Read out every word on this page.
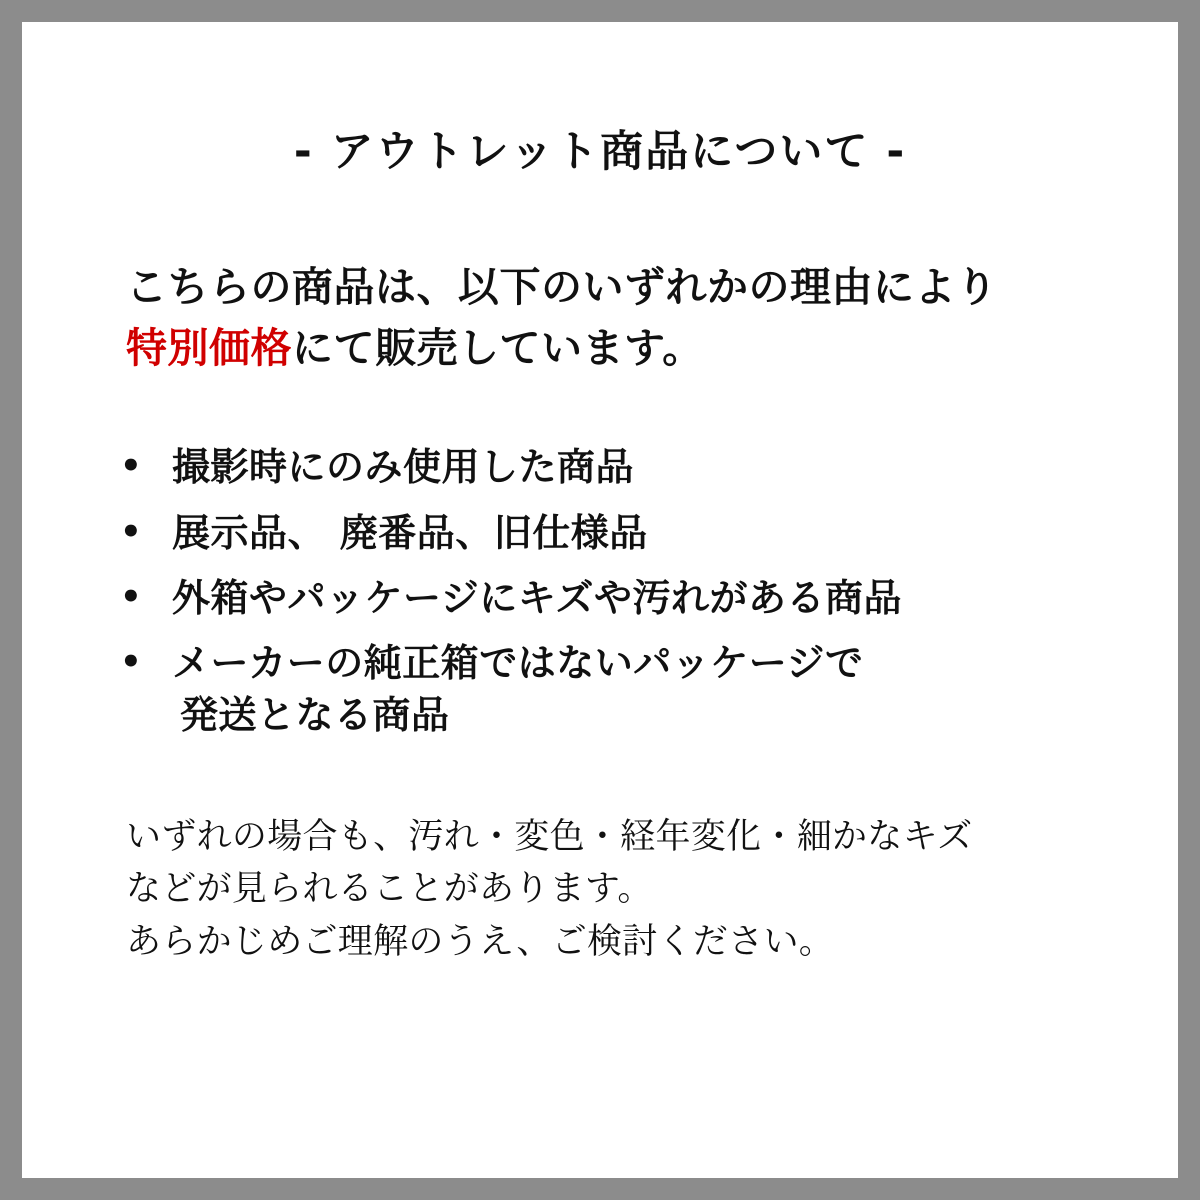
- アウトレット商品について -

こちらの商品は、以下のいずれかの理由により
特別価格にて販売しています。

• 撮影時にのみ使用した商品
• 展示品、 廃番品、旧仕様品
• 外箱やパッケージにキズや汚れがある商品
• メーカーの純正箱ではないパッケージで
発送となる商品

いずれの場合も、汚れ・変色・経年変化・細かなキズ

などが見られることがあります。

あらかじめご理解のうえ、ご検討ください。
